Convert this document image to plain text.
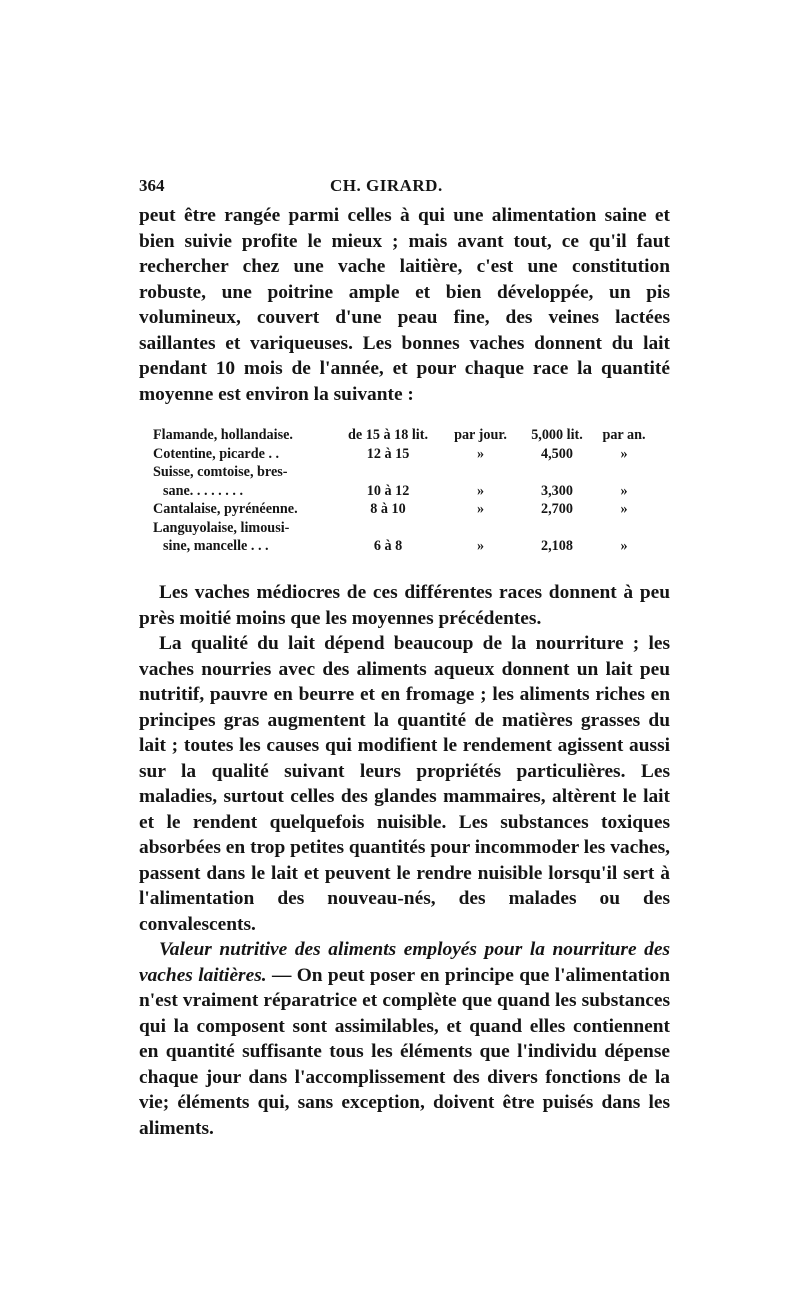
364	CH. GIRARD.

peut être rangée parmi celles à qui une alimentation saine et bien suivie profite le mieux ; mais avant tout, ce qu'il faut rechercher chez une vache laitière, c'est une constitution robuste, une poitrine ample et bien développée, un pis volumineux, couvert d'une peau fine, des veines lactées saillantes et variqueuses. Les bonnes vaches donnent du lait pendant 10 mois de l'année, et pour chaque race la quantité moyenne est environ la suivante :

Flamande, hollandaise.	de 15 à 18 lit.	par jour.	5,000 lit.	par an.
Cotentine, picarde . .	12 à 15	»	4,500	»
Suisse, comtoise, bres-
sane. . . . . . . .	10 à 12	»	3,300	»
Cantalaise, pyrénéenne.	8 à 10	»	2,700	»
Languyolaise, limousi-
sine, mancelle . . .	6 à 8	»	2,108	»

Les vaches médiocres de ces différentes races donnent à peu près moitié moins que les moyennes précédentes.

La qualité du lait dépend beaucoup de la nourriture ; les vaches nourries avec des aliments aqueux donnent un lait peu nutritif, pauvre en beurre et en fromage ; les aliments riches en principes gras augmentent la quantité de matières grasses du lait ; toutes les causes qui modifient le rendement agissent aussi sur la qualité suivant leurs propriétés particulières. Les maladies, surtout celles des glandes mammaires, altèrent le lait et le rendent quelquefois nuisible. Les substances toxiques absorbées en trop petites quantités pour incommoder les vaches, passent dans le lait et peuvent le rendre nuisible lorsqu'il sert à l'alimentation des nouveau-nés, des malades ou des convalescents.

Valeur nutritive des aliments employés pour la nourriture des vaches laitières. — On peut poser en principe que l'alimentation n'est vraiment réparatrice et complète que quand les substances qui la composent sont assimilables, et quand elles contiennent en quantité suffisante tous les éléments que l'individu dépense chaque jour dans l'accomplissement des divers fonctions de la vie; éléments qui, sans exception, doivent être puisés dans les aliments.
